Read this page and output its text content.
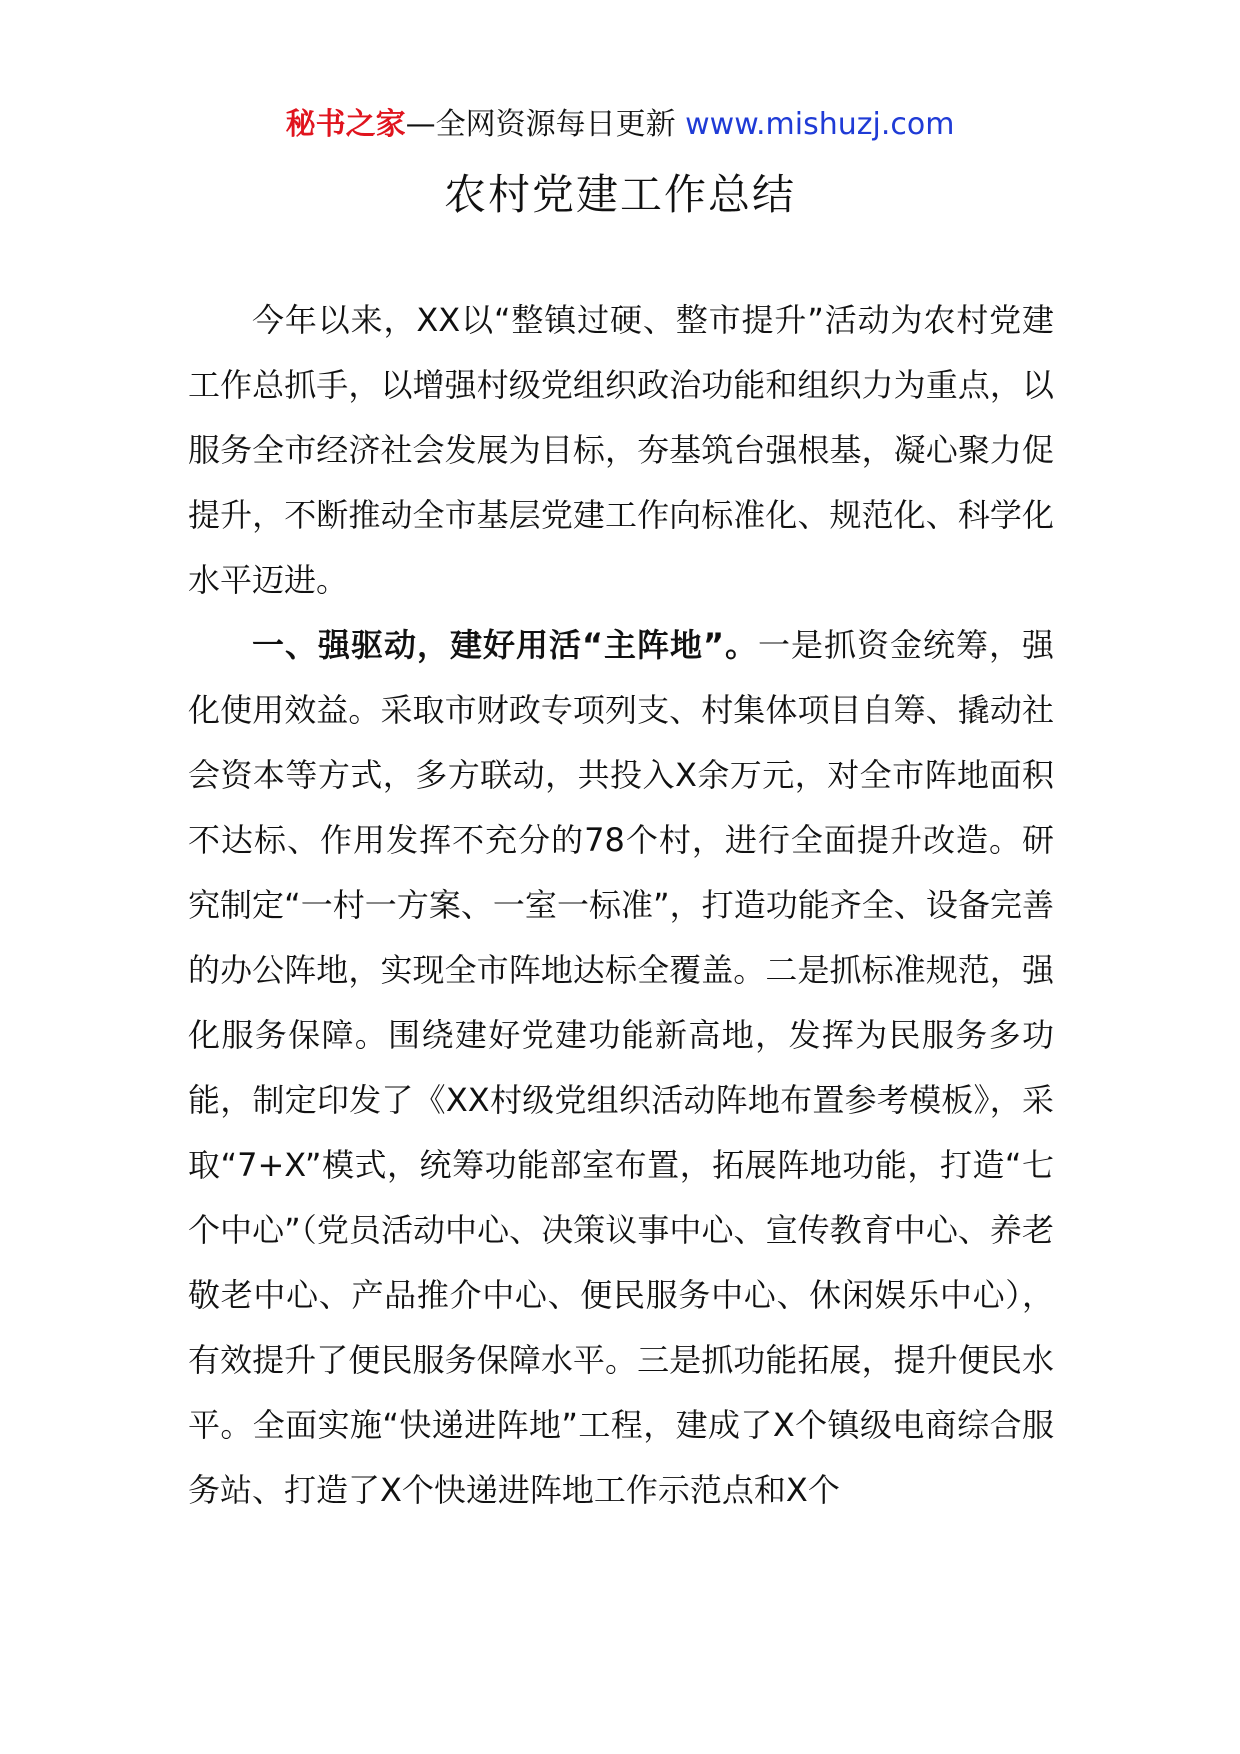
秘书之家—全网资源每日更新 www.mishuzj.com
农村党建工作总结

今年以来，XX以“整镇过硬、整市提升”活动为农村党建工作总抓手，以增强村级党组织政治功能和组织力为重点，以服务全市经济社会发展为目标，夯基筑台强根基，凝心聚力促提升，不断推动全市基层党建工作向标准化、规范化、科学化水平迈进。

一、强驱动，建好用活“主阵地”。一是抓资金统筹，强化使用效益。采取市财政专项列支、村集体项目自筹、撬动社会资本等方式，多方联动，共投入X余万元，对全市阵地面积不达标、作用发挥不充分的78个村，进行全面提升改造。研究制定“一村一方案、一室一标准”，打造功能齐全、设备完善的办公阵地，实现全市阵地达标全覆盖。二是抓标准规范，强化服务保障。围绕建好党建功能新高地，发挥为民服务多功能，制定印发了《XX村级党组织活动阵地布置参考模板》，采取“7+X”模式，统筹功能部室布置，拓展阵地功能，打造“七个中心”（党员活动中心、决策议事中心、宣传教育中心、养老敬老中心、产品推介中心、便民服务中心、休闲娱乐中心），有效提升了便民服务保障水平。三是抓功能拓展，提升便民水平。全面实施“快递进阵地”工程，建成了X个镇级电商综合服务站、打造了X个快递进阵地工作示范点和X个
